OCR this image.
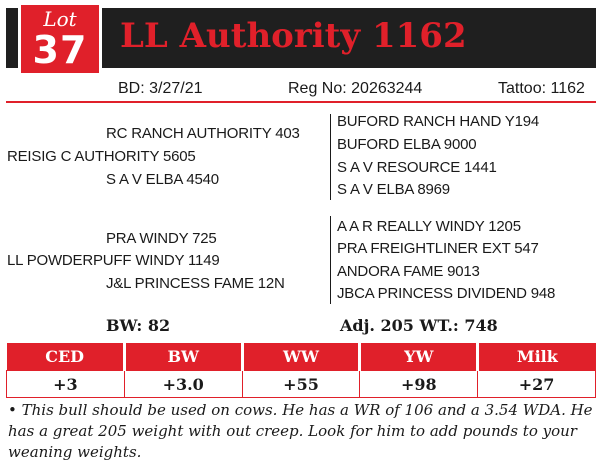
Lot
37 LL Authority 1162
BD: 3/27/21	Reg No: 20263244	Tattoo: 1162
RC RANCH AUTHORITY 403
REISIG C AUTHORITY 5605
S A V ELBA 4540
BUFORD RANCH HAND Y194
BUFORD ELBA 9000
S A V RESOURCE 1441
S A V ELBA 8969
PRA WINDY 725
LL POWDERPUFF WINDY 1149
J&L PRINCESS FAME 12N
A A R REALLY WINDY 1205
PRA FREIGHTLINER EXT 547
ANDORA FAME 9013
JBCA PRINCESS DIVIDEND 948
BW: 82	Adj. 205 WT.: 748
CED	BW	WW	YW	Milk
+3	+3.0	+55	+98	+27
• This bull should be used on cows. He has a WR of 106 and a 3.54 WDA. He has a great 205 weight with out creep. Look for him to add pounds to your weaning weights.
